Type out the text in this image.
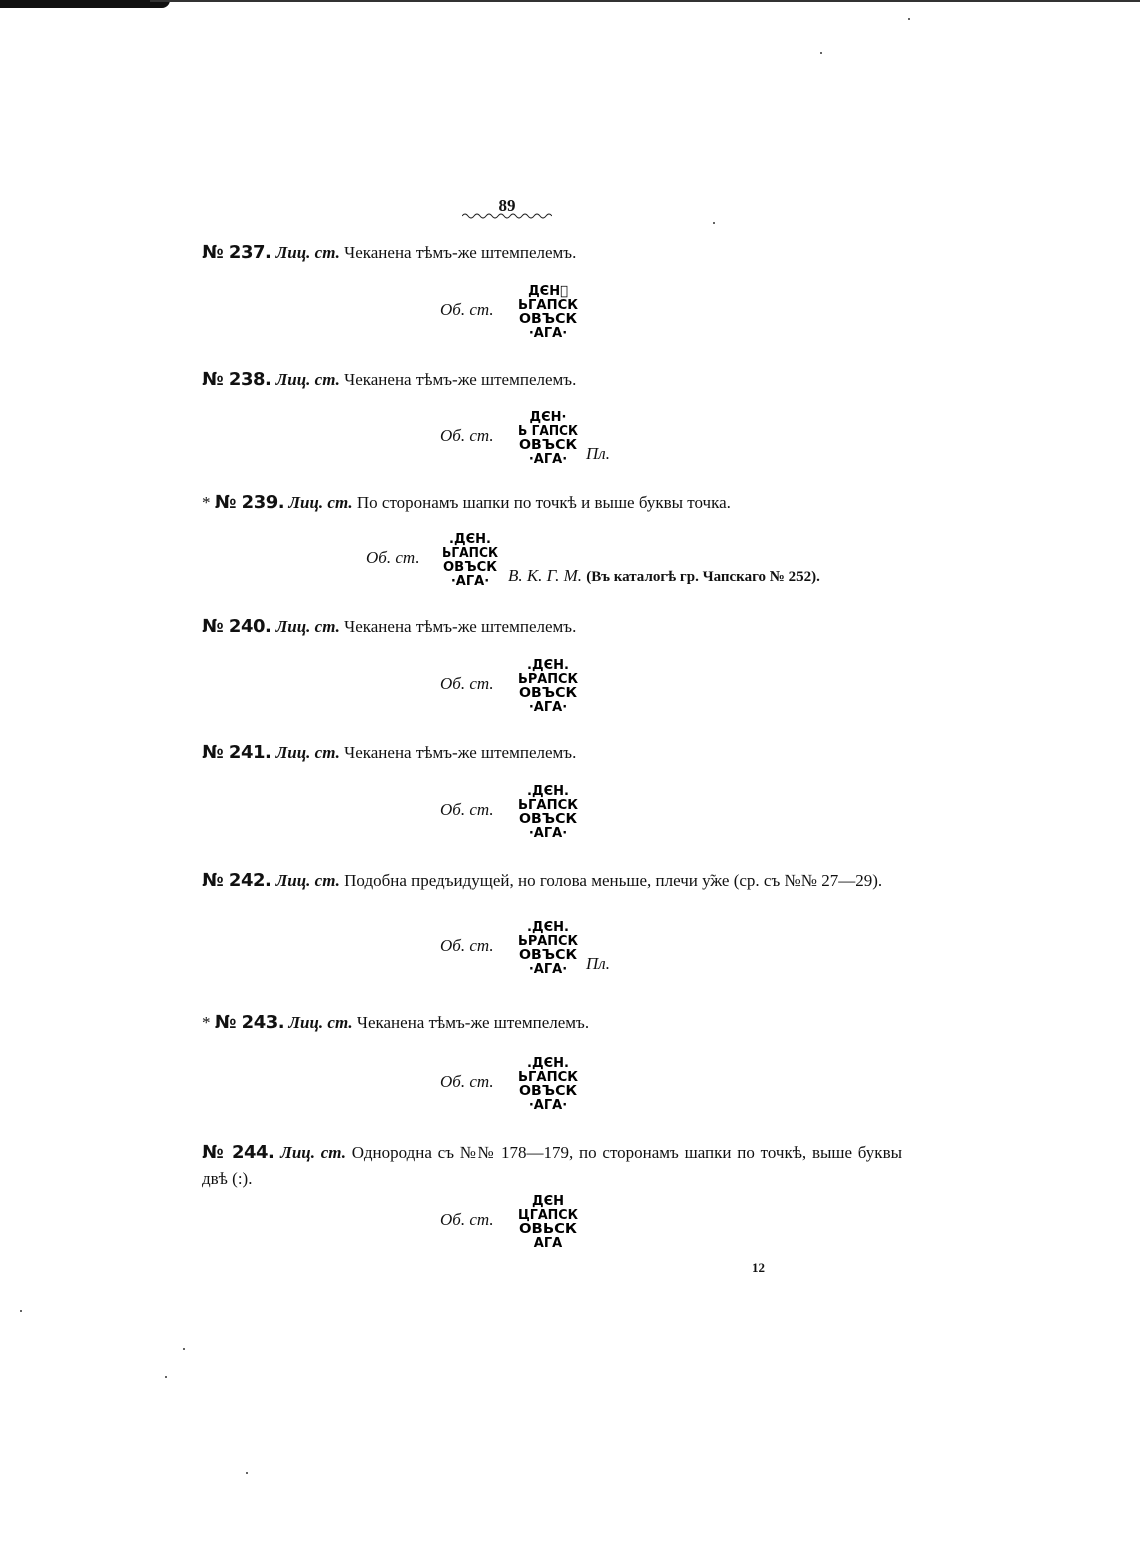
89
№ 237. Лиц. ст. Чеканена тѣмъ-же штемпелемъ.
Об. ст.
ДЄНꙸ
ЬГАПСК
ОВЪСК
·АГА·
№ 238. Лиц. ст. Чеканена тѣмъ-же штемпелемъ.
Об. ст.
ДЄН·
Ь ГАПСК
ОВЪСК
·АГА· Пл.
* № 239. Лиц. ст. По сторонамъ шапки по точкѣ и выше буквы точка.
Об. ст.
.ДЄН.
ЬГАПСК
ОВЪСК
·АГА· В. К. Г. М. (Въ каталогѣ гр. Чапскаго № 252).
№ 240. Лиц. ст. Чеканена тѣмъ-же штемпелемъ.
Об. ст.
.ДЄН.
ЬРАПСК
ОВЪСК
·АГА·
№ 241. Лиц. ст. Чеканена тѣмъ-же штемпелемъ.
Об. ст.
.ДЄН.
ЬГАПСК
ОВЪСК
·АГА·
№ 242. Лиц. ст. Подобна предъидущей, но голова меньше, плечи у̃же (ср. съ №№ 27—29).
Об. ст.
.ДЄН.
ЬРАПСК
ОВЪСК
·АГА· Пл.
* № 243. Лиц. ст. Чеканена тѣмъ-же штемпелемъ.
Об. ст.
.ДЄН.
ЬГАПСК
ОВЪСК
·АГА·
№ 244. Лиц. ст. Однородна съ №№ 178—179, по сторонамъ шапки по точкѣ, выше буквы двѣ (:).
Об. ст.
ДЄН
ЦГАПСК
ОВЬСК
АГА
12
